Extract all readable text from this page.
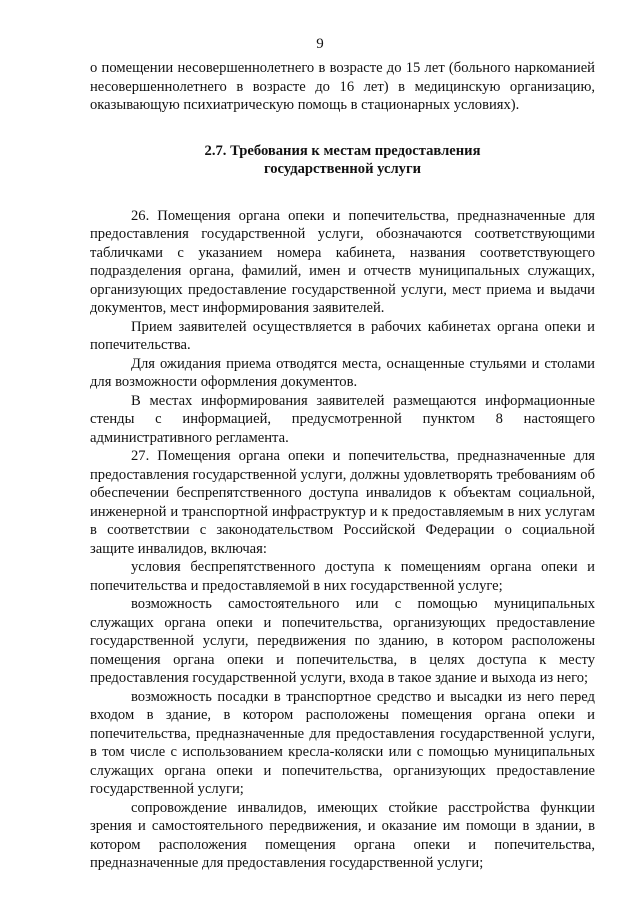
9

о помещении несовершеннолетнего в возрасте до 15 лет (больного наркоманией несовершеннолетнего в возрасте до 16 лет) в медицинскую организацию, оказывающую психиатрическую помощь в стационарных условиях).

2.7. Требования к местам предоставления
государственной услуги

26. Помещения органа опеки и попечительства, предназначенные для предоставления государственной услуги, обозначаются соответствующими табличками с указанием номера кабинета, названия соответствующего подразделения органа, фамилий, имен и отчеств муниципальных служащих, организующих предоставление государственной услуги, мест приема и выдачи документов, мест информирования заявителей.

Прием заявителей осуществляется в рабочих кабинетах органа опеки и попечительства.

Для ожидания приема отводятся места, оснащенные стульями и столами для возможности оформления документов.

В местах информирования заявителей размещаются информационные стенды с информацией, предусмотренной пунктом 8 настоящего административного регламента.

27. Помещения органа опеки и попечительства, предназначенные для предоставления государственной услуги, должны удовлетворять требованиям об обеспечении беспрепятственного доступа инвалидов к объектам социальной, инженерной и транспортной инфраструктур и к предоставляемым в них услугам в соответствии с законодательством Российской Федерации о социальной защите инвалидов, включая:

условия беспрепятственного доступа к помещениям органа опеки и попечительства и предоставляемой в них государственной услуге;

возможность самостоятельного или с помощью муниципальных служащих органа опеки и попечительства, организующих предоставление государственной услуги, передвижения по зданию, в котором расположены помещения органа опеки и попечительства, в целях доступа к месту предоставления государственной услуги, входа в такое здание и выхода из него;

возможность посадки в транспортное средство и высадки из него перед входом в здание, в котором расположены помещения органа опеки и попечительства, предназначенные для предоставления государственной услуги, в том числе с использованием кресла-коляски или с помощью муниципальных служащих органа опеки и попечительства, организующих предоставление государственной услуги;

сопровождение инвалидов, имеющих стойкие расстройства функции зрения и самостоятельного передвижения, и оказание им помощи в здании, в котором расположения помещения органа опеки и попечительства, предназначенные для предоставления государственной услуги;
